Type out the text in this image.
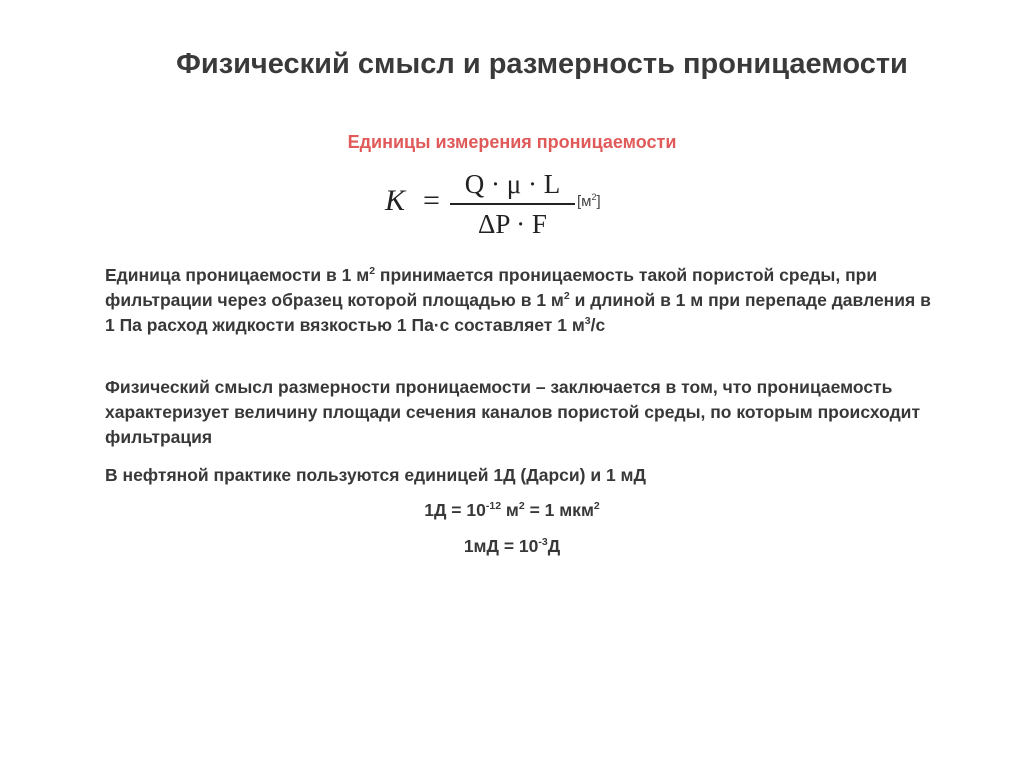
Физический смысл и размерность проницаемости
Единицы измерения проницаемости
K = Q · μ · L
ΔP · F
$[м^2]$
Единица проницаемости в 1 $м^2$ принимается проницаемость такой пористой среды, при фильтрации через образец которой площадью в 1 $м^2$ и длиной в 1 м при перепаде давления в 1 Па расход жидкости вязкостью 1 Па·с составляет 1 $м^3/с$
Физический смысл размерности проницаемости – заключается в том, что проницаемость характеризует величину площади сечения каналов пористой среды, по которым происходит фильтрация
В нефтяной практике пользуются единицей 1Д (Дарси) и 1 мД
$1Д = 10^{-12}$ $м^2 = 1$ мкм$^2$
$1мД = 10^{-3}Д$
